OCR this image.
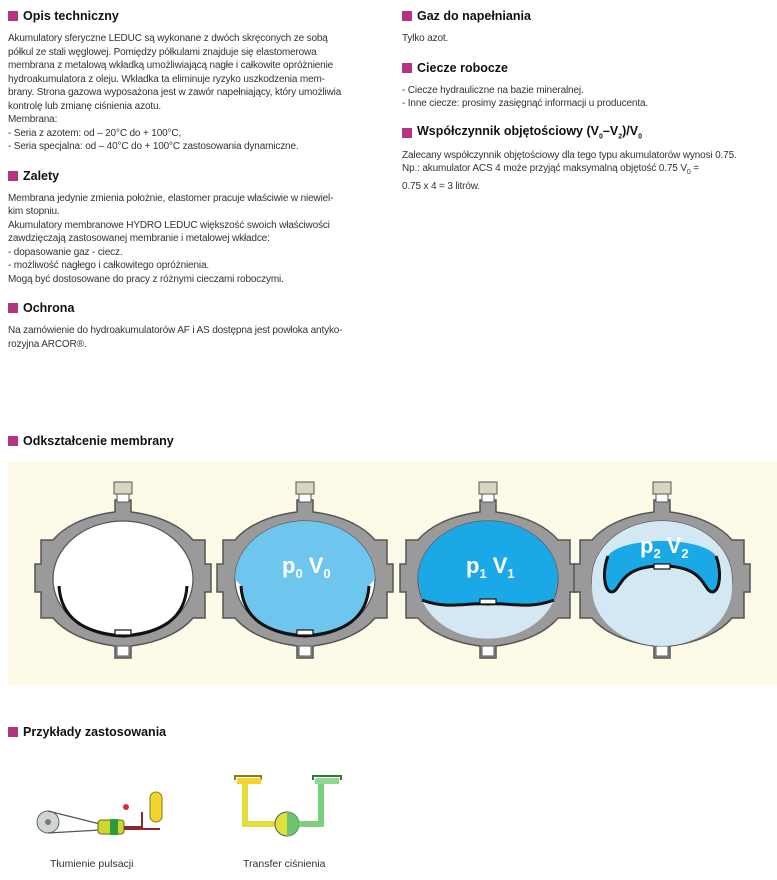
Opis techniczny

Akumulatory sferyczne LEDUC są wykonane z dwóch skręconych ze sobą

półkul ze stali węglowej. Pomiędzy półkulami znajduje się elastomerowa

membrana z metalową wkładką umożliwiającą nagłe i całkowite opróżnienie

hydroakumulatora z oleju. Wkładka ta eliminuje ryzyko uszkodzenia mem-

brany. Strona gazowa wyposażona jest w zawór napełniający, który umożliwia

kontrolę lub zmianę ciśnienia azotu.

Membrana:

- Seria z azotem: od – 20°C do + 100°C,

- Seria specjalna: od – 40°C do + 100°C zastosowania dynamiczne.

Zalety

Membrana jedynie zmienia położnie, elastomer pracuje właściwie w niewiel-

kim stopniu.

Akumulatory membranowe HYDRO LEDUC większość swoich właściwości

zawdzięczają zastosowanej membranie i metalowej wkładce:

- dopasowanie gaz - ciecz.

- możliwość nagłego i całkowitego opróżnienia.

Mogą być dostosowane do pracy z różnymi cieczami roboczymi.

Ochrona

Na zamówienie do hydroakumulatorów AF i AS dostępna jest powłoka antyko-

rozyjna ARCOR®.

Gaz do napełniania

Tylko azot.

Ciecze robocze

- Ciecze hydrauliczne na bazie mineralnej.

- Inne ciecze: prosimy zasięgnąć informacji u producenta.

Współczynnik objętościowy $(V_0-V_2)/V_0$

Zalecany współczynnik objętościowy dla tego typu akumulatorów wynosi 0.75.

Np.: akumulator ACS 4 może przyjąć maksymalną objętość 0.75 $V_0$ =

0.75 x 4 = 3 litrów.

Odkształcenie membrany
$p_0$ $V_0$	$p_1$ $V_1$
$p_2$ $V_2$
Przykłady zastosowania
Tłumienie pulsacji	Transfer ciśnienia
